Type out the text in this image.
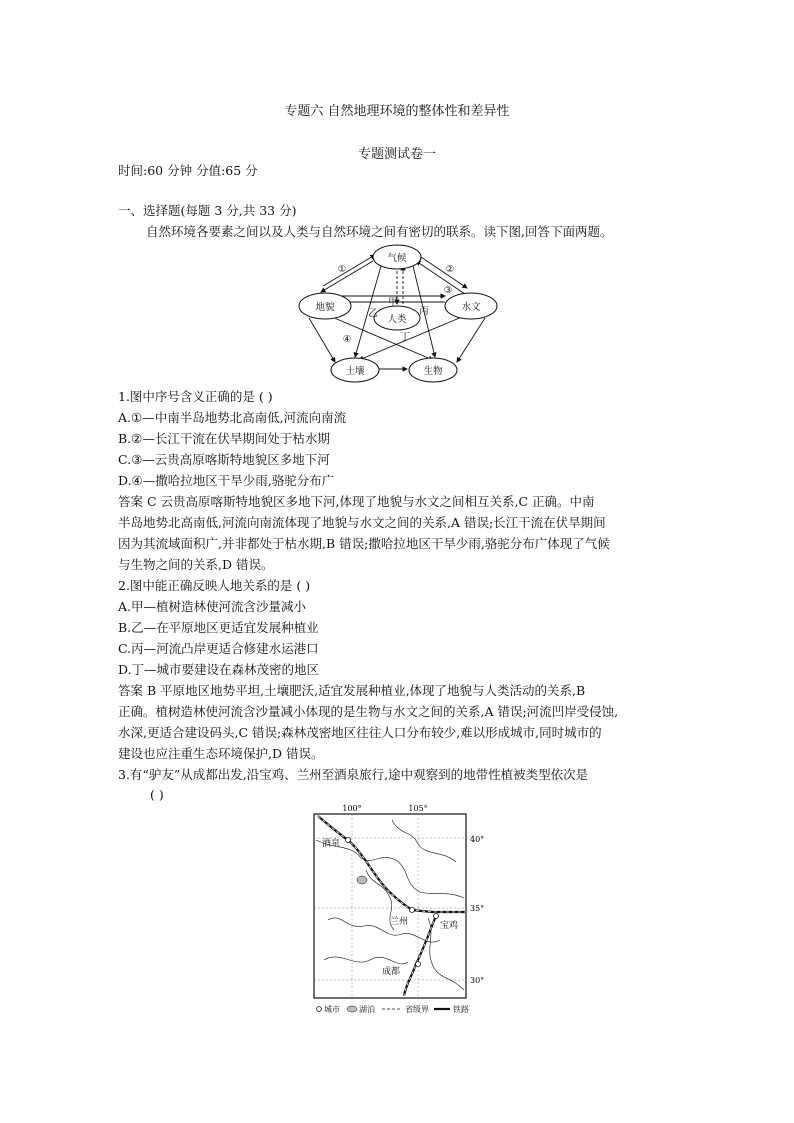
专题六 自然地理环境的整体性和差异性
专题测试卷一
时间:60 分钟 分值:65 分
一、选择题(每题 3 分,共 33 分)
自然环境各要素之间以及人类与自然环境之间有密切的联系。读下图,回答下面两题。
气候
地貌	水文
人类
土壤	生物
①	②
③
④
甲
乙	丙
丁
1.图中序号含义正确的是 ( )
A.①—中南半岛地势北高南低,河流向南流
B.②—长江干流在伏旱期间处于枯水期
C.③—云贵高原喀斯特地貌区多地下河
D.④—撒哈拉地区干旱少雨,骆驼分布广
答案 C 云贵高原喀斯特地貌区多地下河,体现了地貌与水文之间相互关系,C 正确。中南
半岛地势北高南低,河流向南流体现了地貌与水文之间的关系,A 错误;长江干流在伏旱期间
因为其流域面积广,并非都处于枯水期,B 错误;撒哈拉地区干旱少雨,骆驼分布广体现了气候
与生物之间的关系,D 错误。
2.图中能正确反映人地关系的是 ( )
A.甲—植树造林使河流含沙量减小
B.乙—在平原地区更适宜发展种植业
C.丙—河流凸岸更适合修建水运港口
D.丁—城市要建设在森林茂密的地区
答案 B 平原地区地势平坦,土壤肥沃,适宜发展种植业,体现了地貌与人类活动的关系,B
正确。植树造林使河流含沙量减小体现的是生物与水文之间的关系,A 错误;河流凹岸受侵蚀,
水深,更适合建设码头,C 错误;森林茂密地区往往人口分布较少,难以形成城市,同时城市的
建设也应注重生态环境保护,D 错误。
3.有“驴友”从成都出发,沿宝鸡、兰州至酒泉旅行,途中观察到的地带性植被类型依次是
( )
100°	105°
40°
35°
30°
酒泉
兰州	宝鸡
成都
城市 湖泊	省级界	铁路
